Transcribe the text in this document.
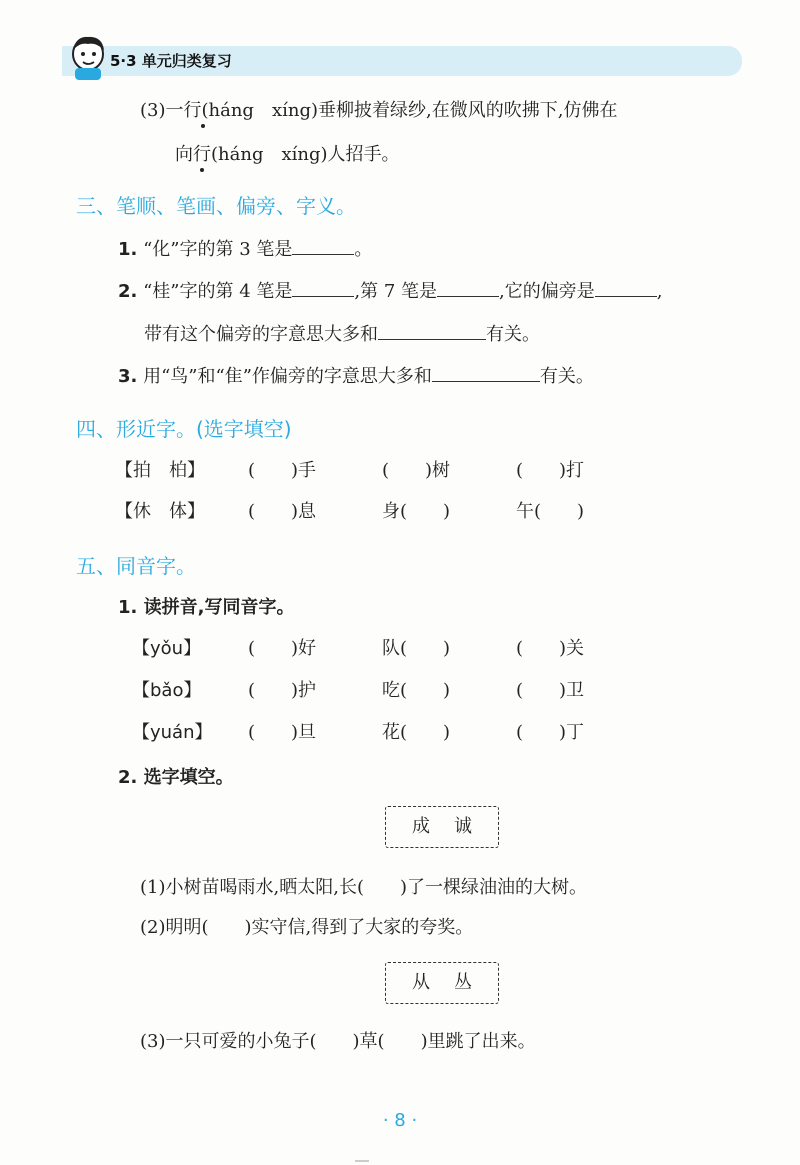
5·3 单元归类复习
(3)一行(háng　xíng)垂柳披着绿纱,在微风的吹拂下,仿佛在
向行(háng　xíng)人招手。
三、笔顺、笔画、偏旁、字义。
1. “化”字的第 3 笔是	。
2. “桂”字的第 4 笔是	,第 7 笔是	,它的偏旁是	,
带有这个偏旁的字意思大多和	有关。
3. 用“鸟”和“隹”作偏旁的字意思大多和	有关。
四、形近字。(选字填空)
【拍　柏】 (　　)手	(　　)树	(　　)打
【休　体】 (　　)息	身(　　)	午(　　)
五、同音字。
1. 读拼音,写同音字。
【yǒu】	(　　)好	队(　　)	(　　)关
【bǎo】	(　　)护	吃(　　)	(　　)卫
【yuán】 (　　)旦	花(　　)	(　　)丁
2. 选字填空。
成 诚
(1)小树苗喝雨水,晒太阳,长(　　)了一棵绿油油的大树。
(2)明明(　　)实守信,得到了大家的夸奖。
从 丛
(3)一只可爱的小兔子(　　)草(　　)里跳了出来。
· 8 ·
